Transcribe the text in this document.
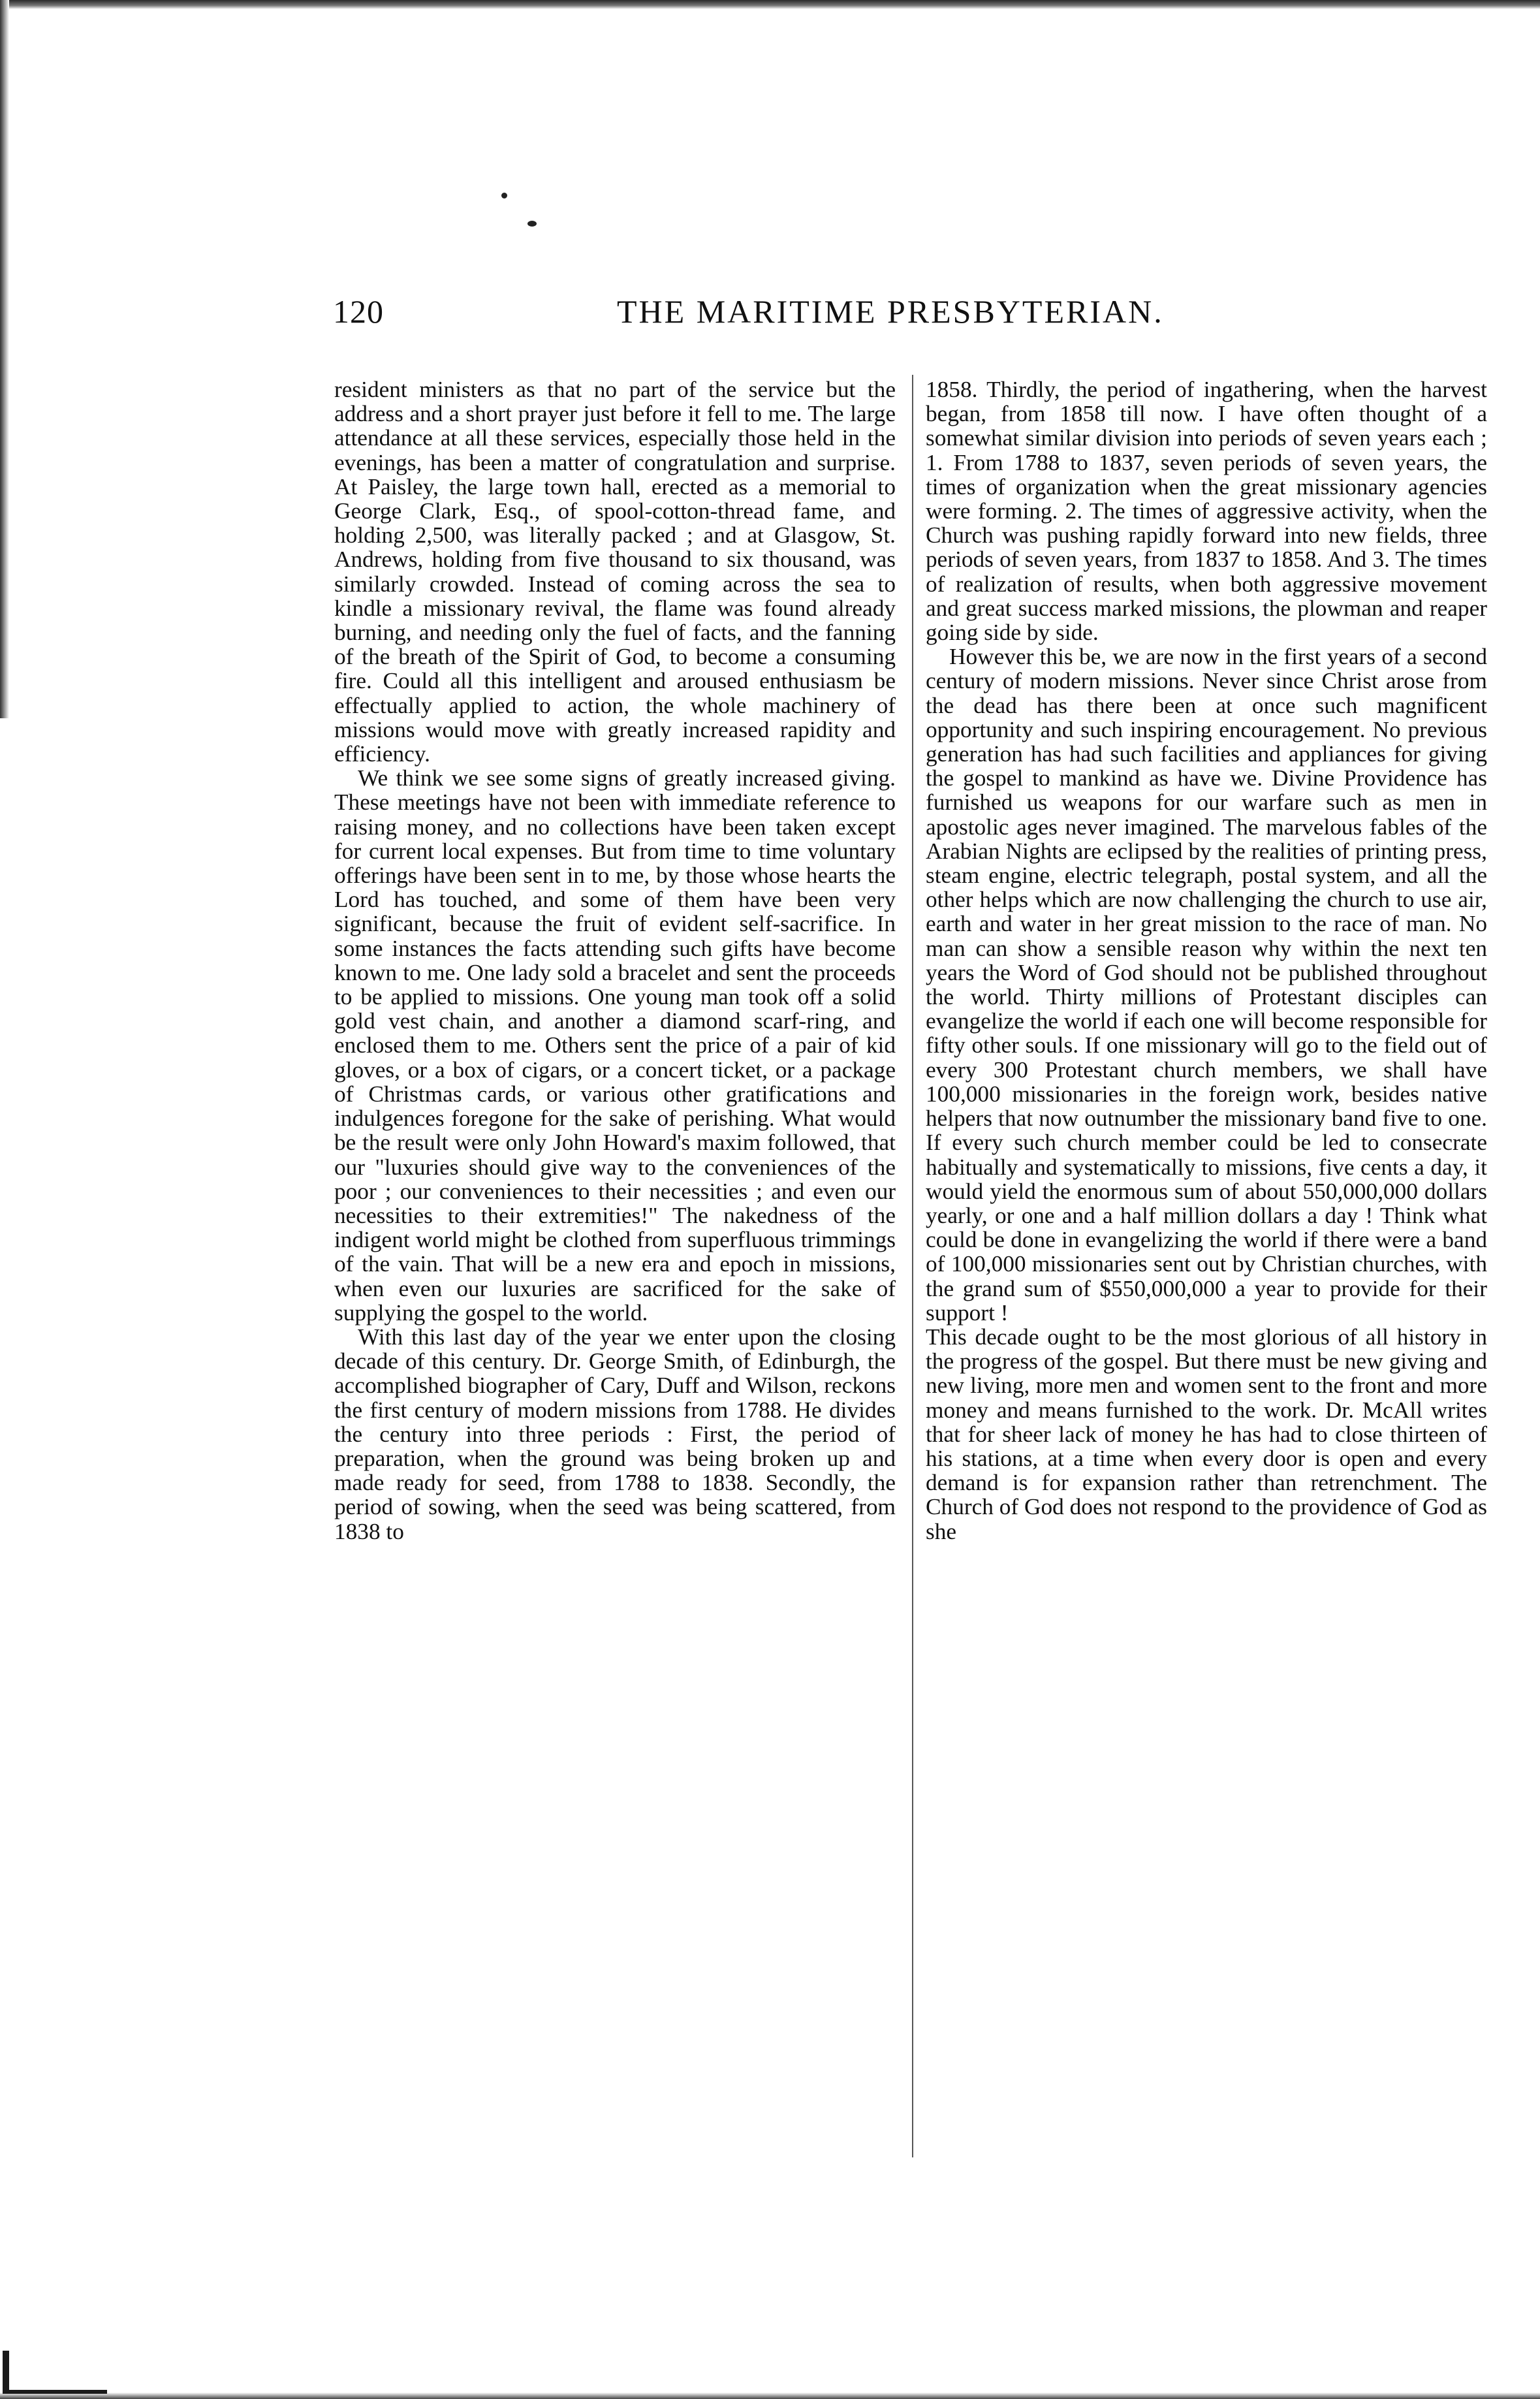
120	THE MARITIME PRESBYTERIAN.

resident ministers as that no part of the service but the address and a short prayer just before it fell to me. The large attendance at all these services, especially those held in the evenings, has been a matter of congratulation and surprise. At Paisley, the large town hall, erected as a memorial to George Clark, Esq., of spool-cotton-thread fame, and holding 2,500, was literally packed ; and at Glasgow, St. Andrews, holding from five thousand to six thousand, was similarly crowded. Instead of coming across the sea to kindle a missionary revival, the flame was found already burning, and needing only the fuel of facts, and the fanning of the breath of the Spirit of God, to become a consuming fire. Could all this intelligent and aroused enthusiasm be effectually applied to action, the whole machinery of missions would move with greatly increased rapidity and efficiency.

We think we see some signs of greatly increased giving. These meetings have not been with immediate reference to raising money, and no collections have been taken except for current local expenses. But from time to time voluntary offerings have been sent in to me, by those whose hearts the Lord has touched, and some of them have been very significant, because the fruit of evident self-sacrifice. In some instances the facts attending such gifts have become known to me. One lady sold a bracelet and sent the proceeds to be applied to missions. One young man took off a solid gold vest chain, and another a diamond scarf-ring, and enclosed them to me. Others sent the price of a pair of kid gloves, or a box of cigars, or a concert ticket, or a package of Christmas cards, or various other gratifications and indulgences foregone for the sake of perishing. What would be the result were only John Howard's maxim followed, that our "luxuries should give way to the conveniences of the poor ; our conveniences to their necessities ; and even our necessities to their extremities!" The nakedness of the indigent world might be clothed from superfluous trimmings of the vain. That will be a new era and epoch in missions, when even our luxuries are sacrificed for the sake of supplying the gospel to the world.

With this last day of the year we enter upon the closing decade of this century. Dr. George Smith, of Edinburgh, the accomplished biographer of Cary, Duff and Wilson, reckons the first century of modern missions from 1788. He divides the century into three periods : First, the period of preparation, when the ground was being broken up and made ready for seed, from 1788 to 1838. Secondly, the period of sowing, when the seed was being scattered, from 1838 to

1858. Thirdly, the period of ingathering, when the harvest began, from 1858 till now. I have often thought of a somewhat similar division into periods of seven years each ; 1. From 1788 to 1837, seven periods of seven years, the times of organization when the great missionary agencies were forming. 2. The times of aggressive activity, when the Church was pushing rapidly forward into new fields, three periods of seven years, from 1837 to 1858. And 3. The times of realization of results, when both aggressive movement and great success marked missions, the plowman and reaper going side by side.

However this be, we are now in the first years of a second century of modern missions. Never since Christ arose from the dead has there been at once such magnificent opportunity and such inspiring encouragement. No previous generation has had such facilities and appliances for giving the gospel to mankind as have we. Divine Providence has furnished us weapons for our warfare such as men in apostolic ages never imagined. The marvelous fables of the Arabian Nights are eclipsed by the realities of printing press, steam engine, electric telegraph, postal system, and all the other helps which are now challenging the church to use air, earth and water in her great mission to the race of man. No man can show a sensible reason why within the next ten years the Word of God should not be published throughout the world. Thirty millions of Protestant disciples can evangelize the world if each one will become responsible for fifty other souls. If one missionary will go to the field out of every 300 Protestant church members, we shall have 100,000 missionaries in the foreign work, besides native helpers that now outnumber the missionary band five to one. If every such church member could be led to consecrate habitually and systematically to missions, five cents a day, it would yield the enormous sum of about 550,000,000 dollars yearly, or one and a half million dollars a day ! Think what could be done in evangelizing the world if there were a band of 100,000 missionaries sent out by Christian churches, with the grand sum of $550,000,000 a year to provide for their support !

This decade ought to be the most glorious of all history in the progress of the gospel. But there must be new giving and new living, more men and women sent to the front and more money and means furnished to the work. Dr. McAll writes that for sheer lack of money he has had to close thirteen of his stations, at a time when every door is open and every demand is for expansion rather than retrenchment. The Church of God does not respond to the providence of God as she
